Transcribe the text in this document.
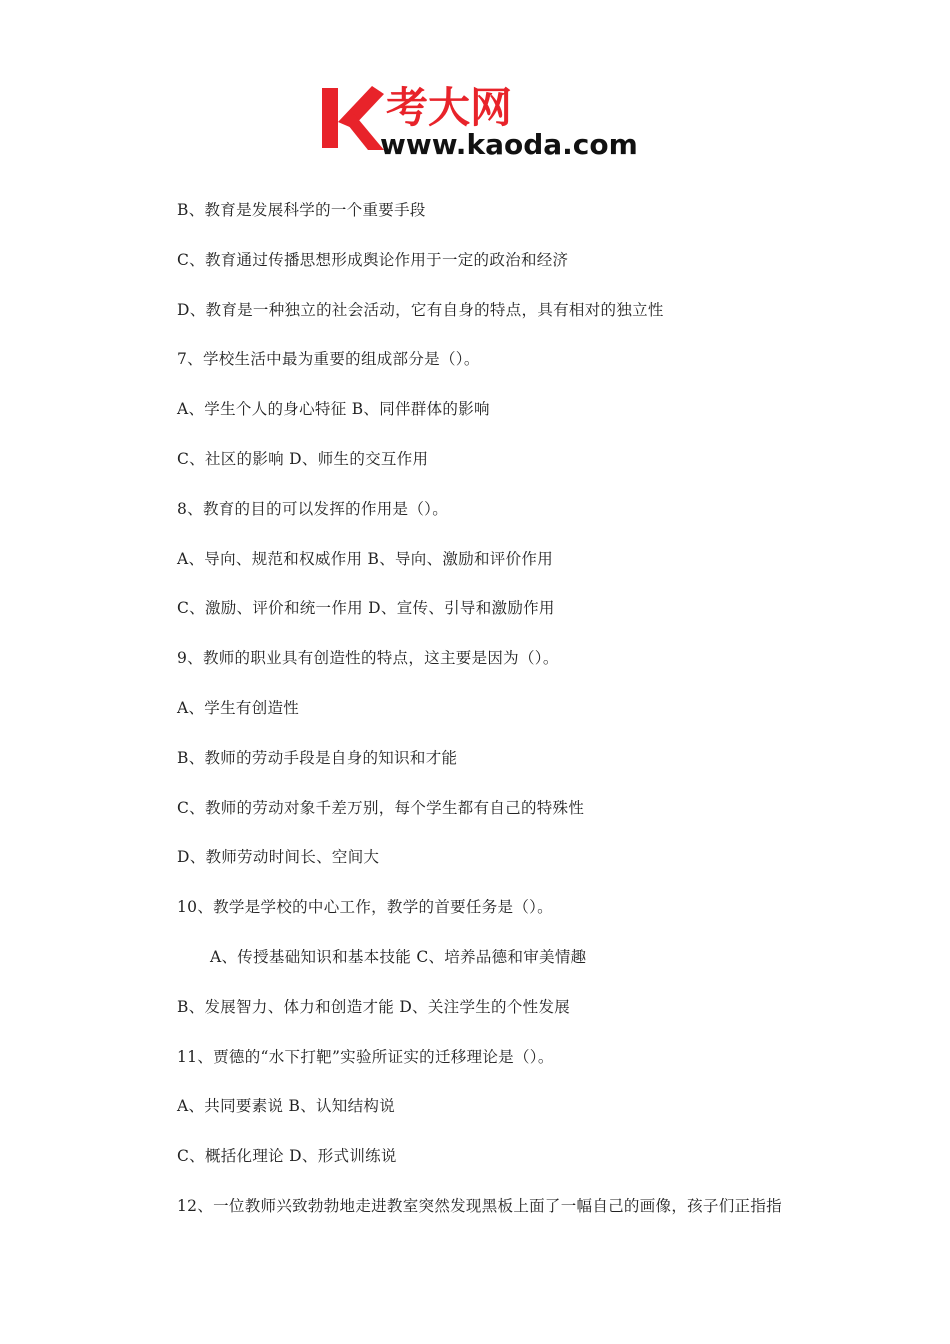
考大网
www.kaoda.com
B、教育是发展科学的一个重要手段
C、教育通过传播思想形成舆论作用于一定的政治和经济
D、教育是一种独立的社会活动，它有自身的特点，具有相对的独立性
7、学校生活中最为重要的组成部分是（）。
A、学生个人的身心特征 B、同伴群体的影响
C、社区的影响 D、师生的交互作用
8、教育的目的可以发挥的作用是（）。
A、导向、规范和权威作用 B、导向、激励和评价作用
C、激励、评价和统一作用 D、宣传、引导和激励作用
9、教师的职业具有创造性的特点，这主要是因为（）。
A、学生有创造性
B、教师的劳动手段是自身的知识和才能
C、教师的劳动对象千差万别，每个学生都有自己的特殊性
D、教师劳动时间长、空间大
10、教学是学校的中心工作，教学的首要任务是（）。
A、传授基础知识和基本技能 C、培养品德和审美情趣
B、发展智力、体力和创造才能 D、关注学生的个性发展
11、贾德的“水下打靶”实验所证实的迁移理论是（）。
A、共同要素说 B、认知结构说
C、概括化理论 D、形式训练说
12、一位教师兴致勃勃地走进教室突然发现黑板上面了一幅自己的画像，孩子们正指指
